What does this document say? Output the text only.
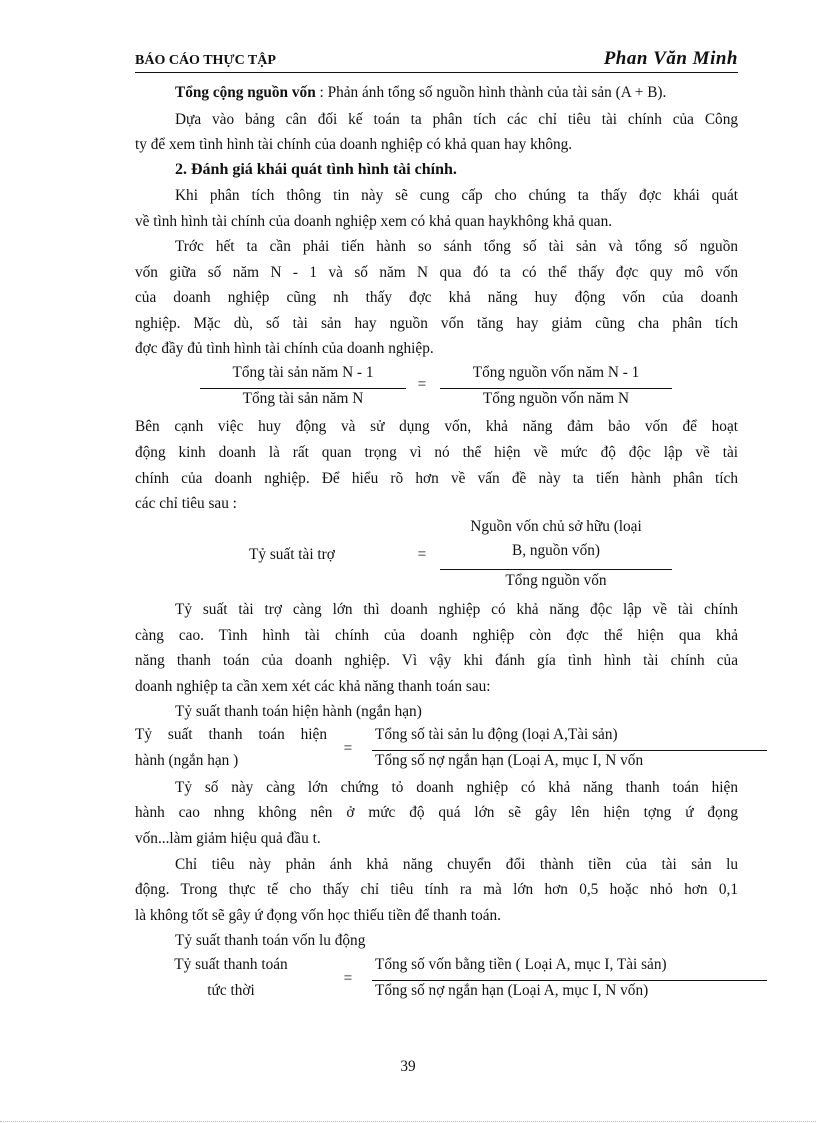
BÁO CÁO THỰC TẬP	Phan Văn Minh
Tổng cộng nguồn vốn : Phản ánh tổng số nguồn hình thành của tài sản (A + B).
Dựa vào bảng cân đối kế toán ta phân tích các chỉ tiêu tài chính của Công
ty để xem tình hình tài chính của doanh nghiệp có khả quan hay không.
2. Đánh giá khái quát tình hình tài chính.
Khi phân tích thông tin này sẽ cung cấp cho chúng ta thấy đợc khái quát
về tình hình tài chính của doanh nghiệp xem có khả quan haykhông khả quan.
Trớc hết ta cần phải tiến hành so sánh tổng số tài sản và tổng số nguồn
vốn giữa số năm N - 1 và số năm N qua đó ta có thể thấy đợc quy mô vốn
của doanh nghiệp cũng nh thấy đợc khả năng huy động vốn của doanh
nghiệp. Mặc dù, số tài sản hay nguồn vốn tăng hay giảm cũng cha phân tích
đợc đầy đủ tình hình tài chính của doanh nghiệp.
Tổng tài sản năm N - 1
Tổng tài sản năm N
=
Tổng nguồn vốn năm N - 1
Tổng nguồn vốn năm N
Bên cạnh việc huy động và sử dụng vốn, khả năng đảm bảo vốn để hoạt
động kinh doanh là rất quan trọng vì nó thể hiện về mức độ độc lập về tài
chính của doanh nghiệp. Để hiểu rõ hơn về vấn đề này ta tiến hành phân tích
các chỉ tiêu sau :
Tỷ suất tài trợ	=
Nguồn vốn chủ sở hữu (loại
B, nguồn vốn)
Tổng nguồn vốn
Tỷ suất tài trợ càng lớn thì doanh nghiệp có khả năng độc lập về tài chính
càng cao. Tình hình tài chính của doanh nghiệp còn đợc thể hiện qua khả
năng thanh toán của doanh nghiệp. Vì vậy khi đánh gía tình hình tài chính của
doanh nghiệp ta cần xem xét các khả năng thanh toán sau:
Tỷ suất thanh toán hiện hành (ngắn hạn)
Tỷ suất thanh toán hiện
hành (ngắn hạn )
=
Tổng số tài sản lu động (loại A,Tài sản)
Tổng số nợ ngắn hạn (Loại A, mục I, N vốn
Tỷ số này càng lớn chứng tỏ doanh nghiệp có khả năng thanh toán hiện
hành cao nhng không nên ở mức độ quá lớn sẽ gây lên hiện tợng ứ đọng
vốn...làm giảm hiệu quả đầu t.
Chỉ tiêu này phản ánh khả năng chuyển đổi thành tiền của tài sản lu
động. Trong thực tế cho thấy chỉ tiêu tính ra mà lớn hơn 0,5 hoặc nhỏ hơn 0,1
là không tốt sẽ gây ứ đọng vốn học thiếu tiền để thanh toán.
Tỷ suất thanh toán vốn lu động
Tỷ suất thanh toán
tức thời
=
Tổng số vốn bằng tiền ( Loại A, mục I, Tài sản)
Tổng số nợ ngắn hạn (Loại A, mục I, N vốn)
39
